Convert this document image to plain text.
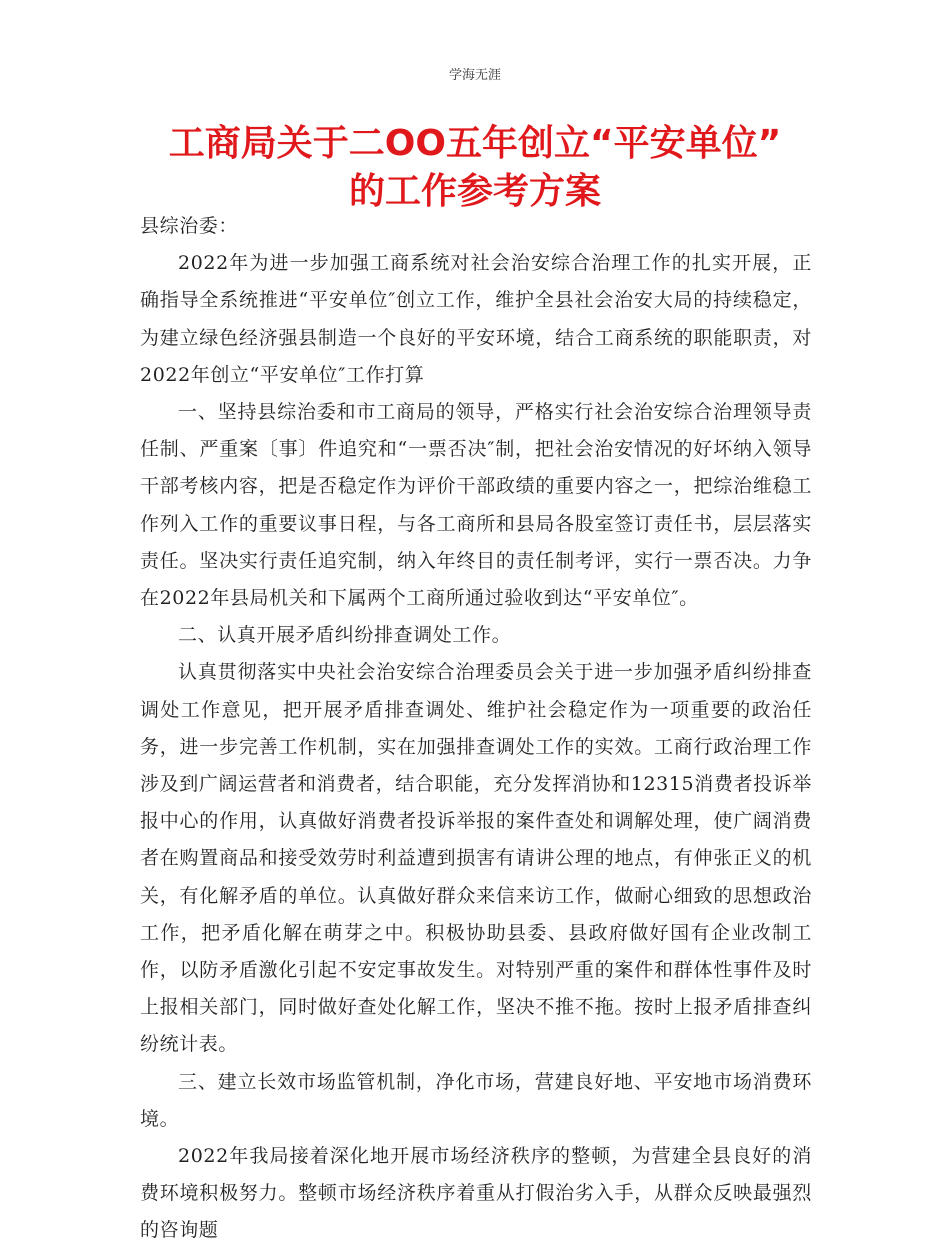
学海无涯
工商局关于二OO五年创立“平安单位”
的工作参考方案

县综治委：

2022年为进一步加强工商系统对社会治安综合治理工作的扎实开展，正确指导全系统推进“平安单位″创立工作，维护全县社会治安大局的持续稳定，为建立绿色经济强县制造一个良好的平安环境，结合工商系统的职能职责，对2022年创立“平安单位″工作打算

一、坚持县综治委和市工商局的领导，严格实行社会治安综合治理领导责任制、严重案〔事〕件追究和“一票否决″制，把社会治安情况的好坏纳入领导干部考核内容，把是否稳定作为评价干部政绩的重要内容之一，把综治维稳工作列入工作的重要议事日程，与各工商所和县局各股室签订责任书，层层落实责任。坚决实行责任追究制，纳入年终目的责任制考评，实行一票否决。力争在2022年县局机关和下属两个工商所通过验收到达“平安单位″。

二、认真开展矛盾纠纷排查调处工作。

认真贯彻落实中央社会治安综合治理委员会关于进一步加强矛盾纠纷排查调处工作意见，把开展矛盾排查调处、维护社会稳定作为一项重要的政治任务，进一步完善工作机制，实在加强排查调处工作的实效。工商行政治理工作涉及到广阔运营者和消费者，结合职能，充分发挥消协和12315消费者投诉举报中心的作用，认真做好消费者投诉举报的案件查处和调解处理，使广阔消费者在购置商品和接受效劳时利益遭到损害有请讲公理的地点，有伸张正义的机关，有化解矛盾的单位。认真做好群众来信来访工作，做耐心细致的思想政治工作，把矛盾化解在萌芽之中。积极协助县委、县政府做好国有企业改制工作，以防矛盾激化引起不安定事故发生。对特别严重的案件和群体性事件及时上报相关部门，同时做好查处化解工作，坚决不推不拖。按时上报矛盾排查纠纷统计表。

三、建立长效市场监管机制，净化市场，营建良好地、平安地市场消费环境。

2022年我局接着深化地开展市场经济秩序的整顿，为营建全县良好的消费环境积极努力。整顿市场经济秩序着重从打假治劣入手，从群众反映最强烈的咨询题
